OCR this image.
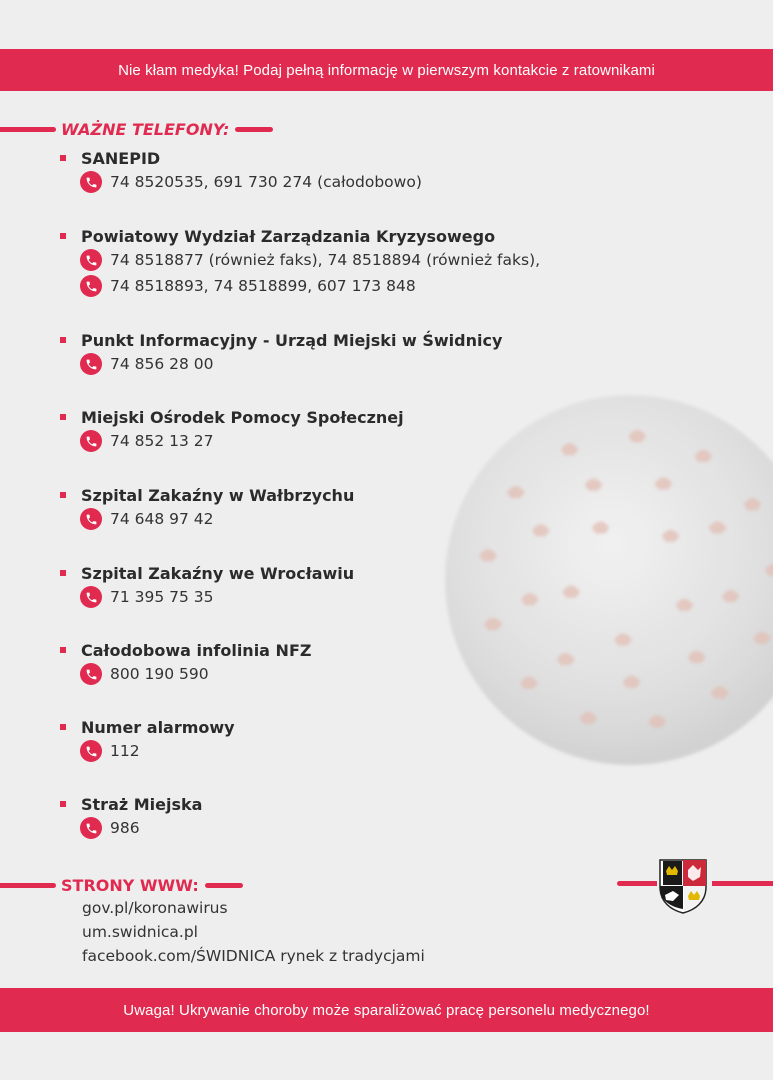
Nie kłam medyka! Podaj pełną informację w pierwszym kontakcie z ratownikami
WAŻNE TELEFONY:
SANEPID
74 8520535, 691 730 274 (całodobowo)
Powiatowy Wydział Zarządzania Kryzysowego
74 8518877 (również faks), 74 8518894 (również faks),
74 8518893, 74 8518899, 607 173 848
Punkt Informacyjny - Urząd Miejski w Świdnicy
74 856 28 00
Miejski Ośrodek Pomocy Społecznej
74 852 13 27
Szpital Zakaźny w Wałbrzychu
74 648 97 42
Szpital Zakaźny we Wrocławiu
71 395 75 35
Całodobowa infolinia NFZ
800 190 590
Numer alarmowy
112
Straż Miejska
986
STRONY WWW:
gov.pl/koronawirus
um.swidnica.pl
facebook.com/ŚWIDNICA rynek z tradycjami
Uwaga! Ukrywanie choroby może sparaliżować pracę personelu medycznego!
